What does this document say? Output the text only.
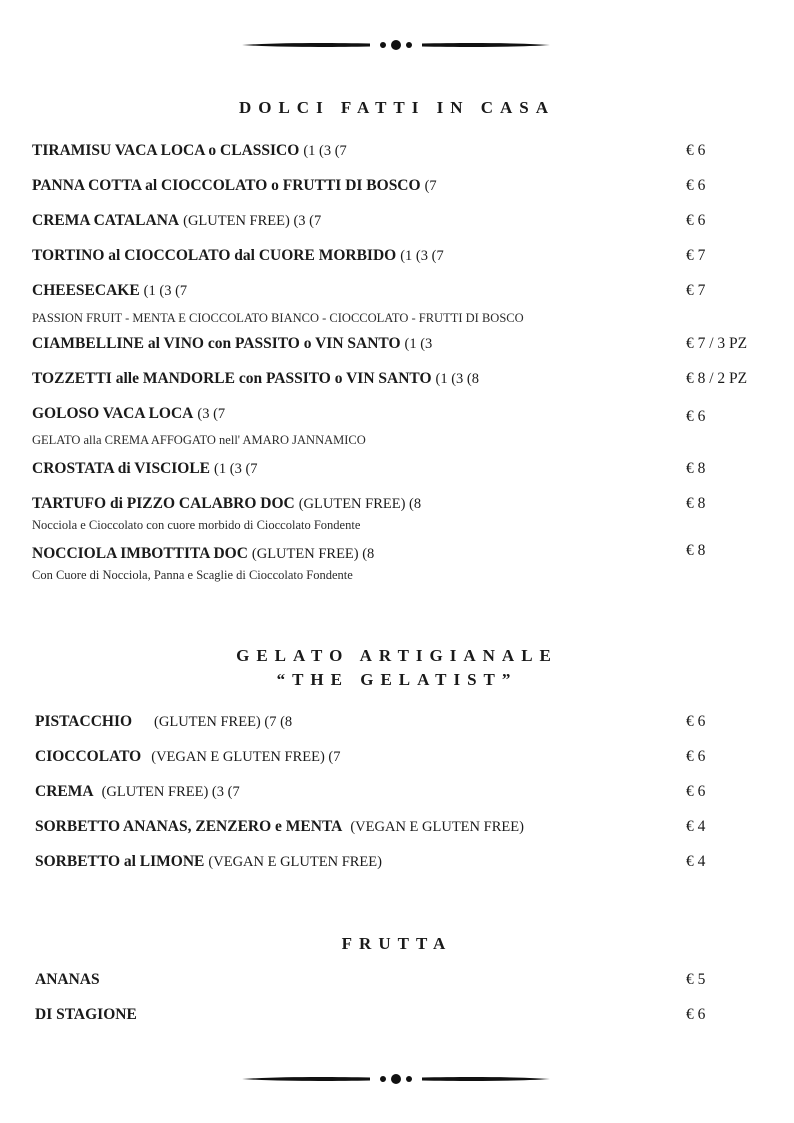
DOLCI FATTI IN CASA
TIRAMISU VACA LOCA o CLASSICO (1 (3 (7	€ 6
PANNA COTTA al CIOCCOLATO o FRUTTI DI BOSCO (7	€ 6
CREMA CATALANA (GLUTEN FREE) (3 (7	€ 6
TORTINO al CIOCCOLATO dal CUORE MORBIDO (1 (3 (7	€ 7
CHEESECAKE (1 (3 (7	€ 7
PASSION FRUIT - MENTA E CIOCCOLATO BIANCO - CIOCCOLATO - FRUTTI DI BOSCO
CIAMBELLINE al VINO con PASSITO o VIN SANTO (1 (3	€ 7 / 3 PZ
TOZZETTI alle MANDORLE con PASSITO o VIN SANTO (1 (3 (8	€ 8 / 2 PZ
GOLOSO VACA LOCA (3 (7	€ 6
GELATO alla CREMA AFFOGATO nell' AMARO JANNAMICO
CROSTATA di VISCIOLE (1 (3 (7	€ 8
TARTUFO di PIZZO CALABRO DOC (GLUTEN FREE) (8	€ 8
Nocciola e Cioccolato con cuore morbido di Cioccolato Fondente
NOCCIOLA IMBOTTITA DOC (GLUTEN FREE) (8	€ 8
Con Cuore di Nocciola, Panna e Scaglie di Cioccolato Fondente
GELATO ARTIGIANALE
“THE GELATIST”
PISTACCHIO (GLUTEN FREE) (7 (8	€ 6
CIOCCOLATO (VEGAN E GLUTEN FREE) (7	€ 6
CREMA (GLUTEN FREE) (3 (7	€ 6
SORBETTO ANANAS, ZENZERO e MENTA (VEGAN E GLUTEN FREE)	€ 4
SORBETTO al LIMONE (VEGAN E GLUTEN FREE)	€ 4
FRUTTA
ANANAS	€ 5
DI STAGIONE	€ 6
